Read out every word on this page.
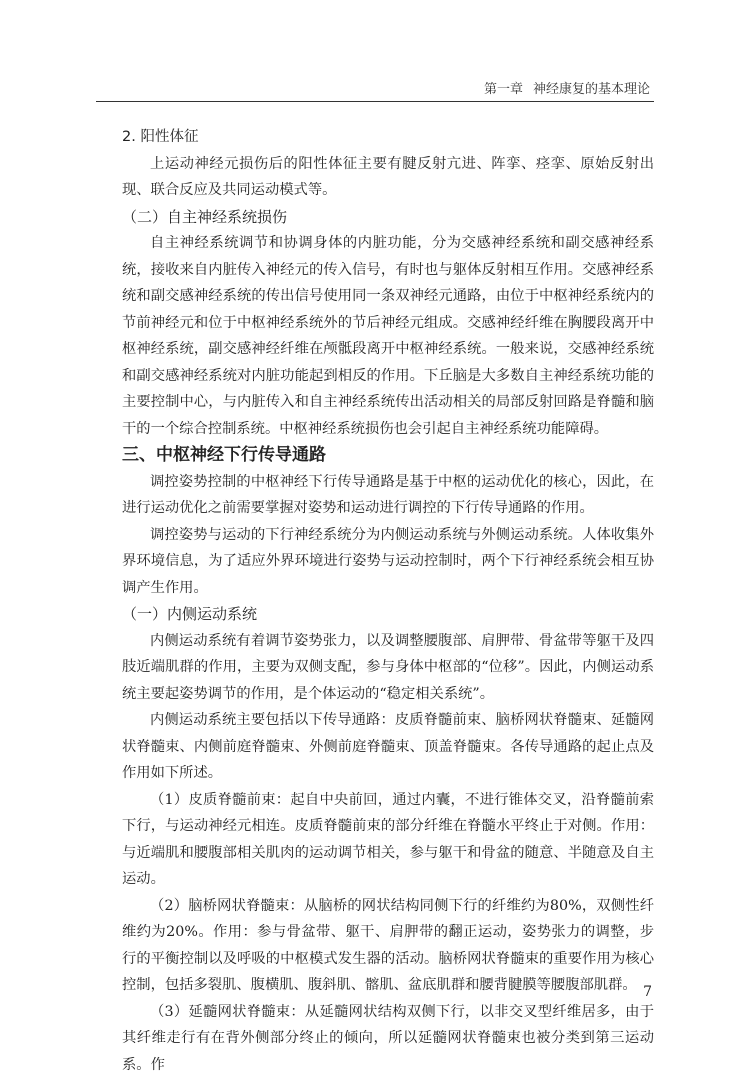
第一章 神经康复的基本理论

2. 阳性体征

上运动神经元损伤后的阳性体征主要有腱反射亢进、阵挛、痉挛、原始反射出现、联合反应及共同运动模式等。

（二）自主神经系统损伤

自主神经系统调节和协调身体的内脏功能，分为交感神经系统和副交感神经系统，接收来自内脏传入神经元的传入信号，有时也与躯体反射相互作用。交感神经系统和副交感神经系统的传出信号使用同一条双神经元通路，由位于中枢神经系统内的节前神经元和位于中枢神经系统外的节后神经元组成。交感神经纤维在胸腰段离开中枢神经系统，副交感神经纤维在颅骶段离开中枢神经系统。一般来说，交感神经系统和副交感神经系统对内脏功能起到相反的作用。下丘脑是大多数自主神经系统功能的主要控制中心，与内脏传入和自主神经系统传出活动相关的局部反射回路是脊髓和脑干的一个综合控制系统。中枢神经系统损伤也会引起自主神经系统功能障碍。

三、中枢神经下行传导通路

调控姿势控制的中枢神经下行传导通路是基于中枢的运动优化的核心，因此，在进行运动优化之前需要掌握对姿势和运动进行调控的下行传导通路的作用。

调控姿势与运动的下行神经系统分为内侧运动系统与外侧运动系统。人体收集外界环境信息，为了适应外界环境进行姿势与运动控制时，两个下行神经系统会相互协调产生作用。

（一）内侧运动系统

内侧运动系统有着调节姿势张力，以及调整腰腹部、肩胛带、骨盆带等躯干及四肢近端肌群的作用，主要为双侧支配，参与身体中枢部的“位移”。因此，内侧运动系统主要起姿势调节的作用，是个体运动的“稳定相关系统”。

内侧运动系统主要包括以下传导通路：皮质脊髓前束、脑桥网状脊髓束、延髓网状脊髓束、内侧前庭脊髓束、外侧前庭脊髓束、顶盖脊髓束。各传导通路的起止点及作用如下所述。

（1）皮质脊髓前束：起自中央前回，通过内囊，不进行锥体交叉，沿脊髓前索下行，与运动神经元相连。皮质脊髓前束的部分纤维在脊髓水平终止于对侧。作用：与近端肌和腰腹部相关肌肉的运动调节相关，参与躯干和骨盆的随意、半随意及自主运动。

（2）脑桥网状脊髓束：从脑桥的网状结构同侧下行的纤维约为80%，双侧性纤维约为20%。作用：参与骨盆带、躯干、肩胛带的翻正运动，姿势张力的调整，步行的平衡控制以及呼吸的中枢模式发生器的活动。脑桥网状脊髓束的重要作用为核心控制，包括多裂肌、腹横肌、腹斜肌、髂肌、盆底肌群和腰背腱膜等腰腹部肌群。

（3）延髓网状脊髓束：从延髓网状结构双侧下行，以非交叉型纤维居多，由于其纤维走行有在背外侧部分终止的倾向，所以延髓网状脊髓束也被分类到第三运动系。作

7
